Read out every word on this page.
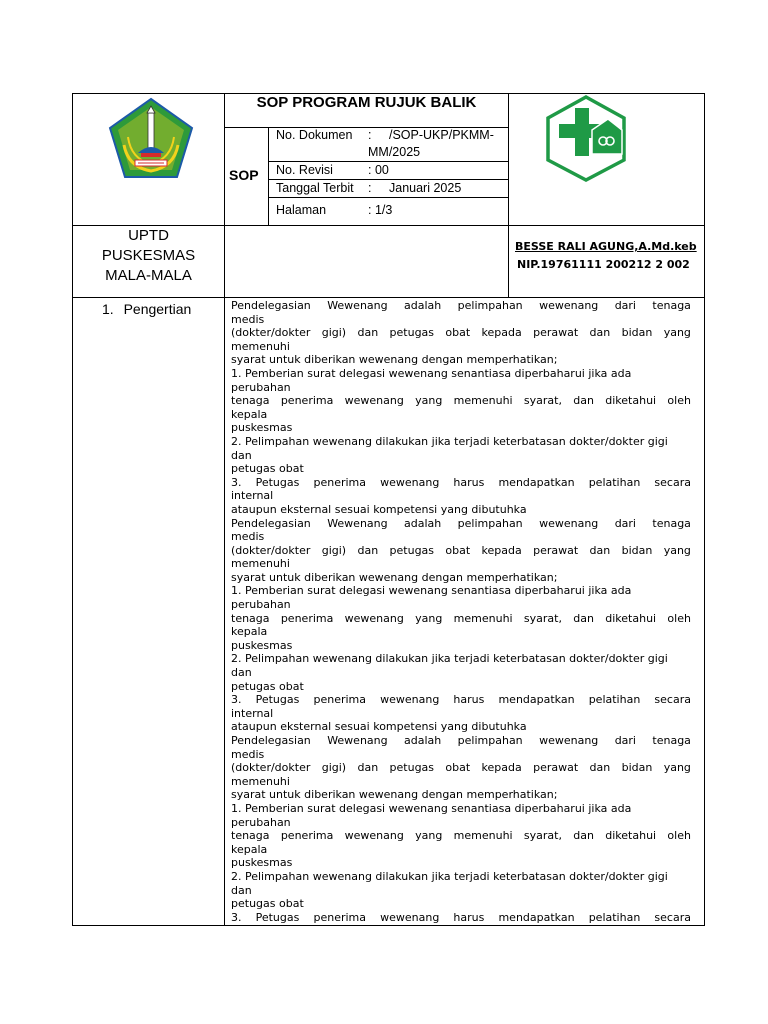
SOP PROGRAM RUJUK BALIK
SOP
No. Dokumen : /SOP-UKP/PKMM-
MM/2025
No. Revisi	: 00
Tanggal Terbit : Januari 2025
Halaman	: 1/3
UPTD
PUSKESMAS
MALA-MALA
BESSE RALI AGUNG,A.Md.keb
NIP.19761111 200212 2 002
1. Pengertian	Pendelegasian Wewenang adalah pelimpahan wewenang dari tenaga
medis
(dokter/dokter gigi) dan petugas obat kepada perawat dan bidan yang
memenuhi
syarat untuk diberikan wewenang dengan memperhatikan;
1. Pemberian surat delegasi wewenang senantiasa diperbaharui jika ada
perubahan
tenaga penerima wewenang yang memenuhi syarat, dan diketahui oleh
kepala
puskesmas
2. Pelimpahan wewenang dilakukan jika terjadi keterbatasan dokter/dokter gigi
dan
petugas obat
3. Petugas penerima wewenang harus mendapatkan pelatihan secara
internal
ataupun eksternal sesuai kompetensi yang dibutuhka
Pendelegasian Wewenang adalah pelimpahan wewenang dari tenaga
medis
(dokter/dokter gigi) dan petugas obat kepada perawat dan bidan yang
memenuhi
syarat untuk diberikan wewenang dengan memperhatikan;
1. Pemberian surat delegasi wewenang senantiasa diperbaharui jika ada
perubahan
tenaga penerima wewenang yang memenuhi syarat, dan diketahui oleh
kepala
puskesmas
2. Pelimpahan wewenang dilakukan jika terjadi keterbatasan dokter/dokter gigi
dan
petugas obat
3. Petugas penerima wewenang harus mendapatkan pelatihan secara
internal
ataupun eksternal sesuai kompetensi yang dibutuhka
Pendelegasian Wewenang adalah pelimpahan wewenang dari tenaga
medis
(dokter/dokter gigi) dan petugas obat kepada perawat dan bidan yang
memenuhi
syarat untuk diberikan wewenang dengan memperhatikan;
1. Pemberian surat delegasi wewenang senantiasa diperbaharui jika ada
perubahan
tenaga penerima wewenang yang memenuhi syarat, dan diketahui oleh
kepala
puskesmas
2. Pelimpahan wewenang dilakukan jika terjadi keterbatasan dokter/dokter gigi
dan
petugas obat
3. Petugas penerima wewenang harus mendapatkan pelatihan secara
